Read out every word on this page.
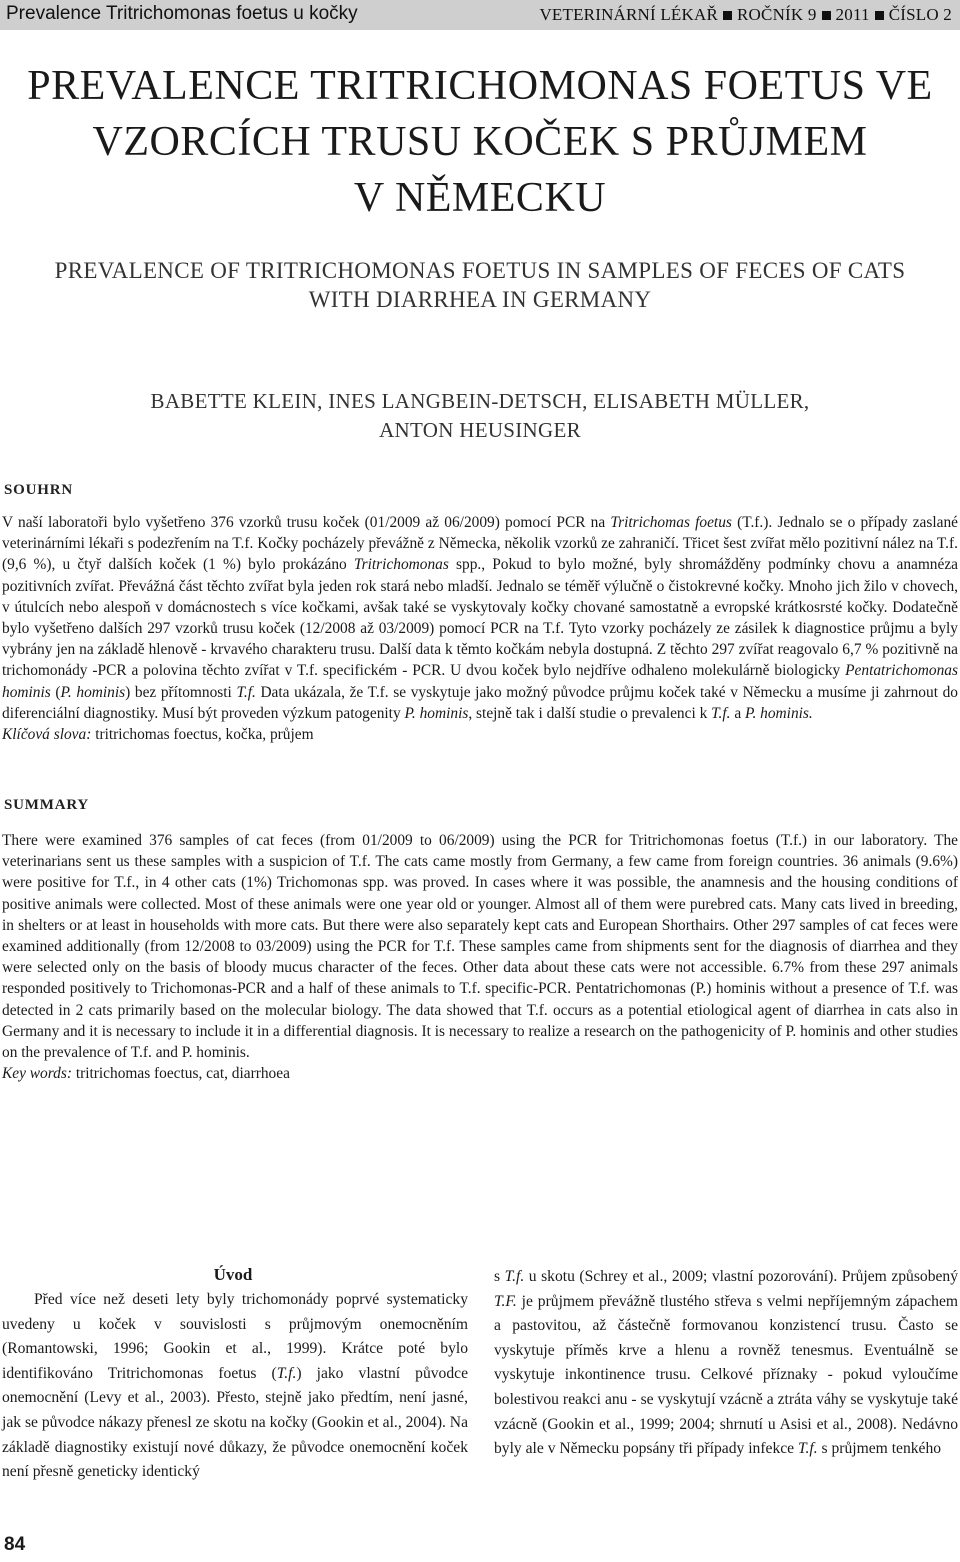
Prevalence Tritrichomonas foetus u kočky	VETERINÁRNÍ LÉKAŘ ROČNÍK 9 2011 ČÍSLO 2
PREVALENCE TRITRICHOMONAS FOETUS VE
VZORCÍCH TRUSU KOČEK S PRŮJMEM
V NĚMECKU
PREVALENCE OF TRITRICHOMONAS FOETUS IN SAMPLES OF FECES OF CATS
WITH DIARRHEA IN GERMANY
BABETTE KLEIN, INES LANGBEIN-DETSCH, ELISABETH MÜLLER,
ANTON HEUSINGER
SOUHRN

V naší laboratoři bylo vyšetřeno 376 vzorků trusu koček (01/2009 až 06/2009) pomocí PCR na Tritrichomas foetus (T.f.). Jednalo se o případy zaslané veterinárními lékaři s podezřením na T.f. Kočky pocházely převážně z Německa, několik vzorků ze zahraničí. Třicet šest zvířat mělo pozitivní nález na T.f. (9,6 %), u čtyř dalších koček (1 %) bylo prokázáno Tritrichomonas spp., Pokud to bylo možné, byly shromážděny podmínky chovu a anamnéza pozitivních zvířat. Převážná část těchto zvířat byla jeden rok stará nebo mladší. Jednalo se téměř výlučně o čistokrevné kočky. Mnoho jich žilo v chovech, v útulcích nebo alespoň v domácnostech s více kočkami, avšak také se vyskytovaly kočky chované samostatně a evropské krátkosrsté kočky. Dodatečně bylo vyšetřeno dalších 297 vzorků trusu koček (12/2008 až 03/2009) pomocí PCR na T.f. Tyto vzorky pocházely ze zásilek k diagnostice průjmu a byly vybrány jen na základě hlenově - krvavého charakteru trusu. Další data k těmto kočkám nebyla dostupná. Z těchto 297 zvířat reagovalo 6,7 % pozitivně na trichomonády -PCR a polovina těchto zvířat v T.f. specifickém - PCR. U dvou koček bylo nejdříve odhaleno molekulárně biologicky Pentatrichomonas hominis (P. hominis) bez přítomnosti T.f. Data ukázala, že T.f. se vyskytuje jako možný původce průjmu koček také v Německu a musíme ji zahrnout do diferenciální diagnostiky. Musí být proveden výzkum patogenity P. hominis, stejně tak i další studie o prevalenci k T.f. a P. hominis.

Klíčová slova: tritrichomas foectus, kočka, průjem

SUMMARY

There were examined 376 samples of cat feces (from 01/2009 to 06/2009) using the PCR for Tritrichomonas foetus (T.f.) in our laboratory. The veterinarians sent us these samples with a suspicion of T.f. The cats came mostly from Germany, a few came from foreign countries. 36 animals (9.6%) were positive for T.f., in 4 other cats (1%) Trichomonas spp. was proved. In cases where it was possible, the anamnesis and the housing conditions of positive animals were collected. Most of these animals were one year old or younger. Almost all of them were purebred cats. Many cats lived in breeding, in shelters or at least in households with more cats. But there were also separately kept cats and European Shorthairs. Other 297 samples of cat feces were examined additionally (from 12/2008 to 03/2009) using the PCR for T.f. These samples came from shipments sent for the diagnosis of diarrhea and they were selected only on the basis of bloody mucus character of the feces. Other data about these cats were not accessible. 6.7% from these 297 animals responded positively to Trichomonas-PCR and a half of these animals to T.f. specific-PCR. Pentatrichomonas (P.) hominis without a presence of T.f. was detected in 2 cats primarily based on the molecular biology. The data showed that T.f. occurs as a potential etiological agent of diarrhea in cats also in Germany and it is necessary to include it in a differential diagnosis. It is necessary to realize a research on the pathogenicity of P. hominis and other studies on the prevalence of T.f. and P. hominis.

Key words: tritrichomas foectus, cat, diarrhoea

Úvod

Před více než deseti lety byly trichomonády poprvé systematicky uvedeny u koček v souvislosti s průjmovým onemocněním (Romantowski, 1996; Gookin et al., 1999). Krátce poté bylo identifikováno Tritrichomonas foetus (T.f.) jako vlastní původce onemocnění (Levy et al., 2003). Přesto, stejně jako předtím, není jasné, jak se původce nákazy přenesl ze skotu na kočky (Gookin et al., 2004). Na základě diagnostiky existují nové důkazy, že původce onemocnění koček není přesně geneticky identický

s T.f. u skotu (Schrey et al., 2009; vlastní pozorování). Průjem způsobený T.F. je průjmem převážně tlustého střeva s velmi nepříjemným zápachem a pastovitou, až částečně formovanou konzistencí trusu. Často se vyskytuje příměs krve a hlenu a rovněž tenesmus. Eventuálně se vyskytuje inkontinence trusu. Celkové příznaky - pokud vyloučíme bolestivou reakci anu - se vyskytují vzácně a ztráta váhy se vyskytuje také vzácně (Gookin et al., 1999; 2004; shrnutí u Asisi et al., 2008). Nedávno byly ale v Německu popsány tři případy infekce T.f. s průjmem tenkého

84
